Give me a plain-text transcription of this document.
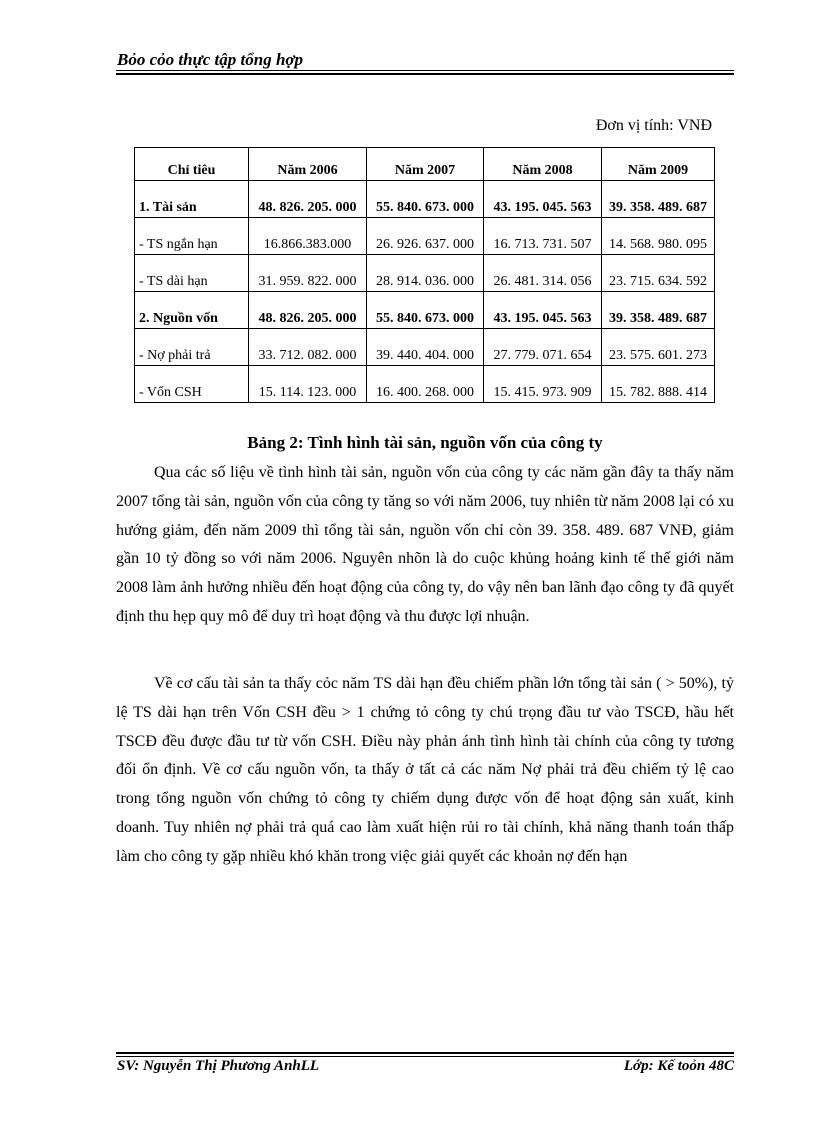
Bỏo cỏo thực tập tổng hợp
Đơn vị tính: VNĐ
Chỉ tiêu	Năm 2006	Năm 2007	Năm 2008	Năm 2009
1. Tài sản	48. 826. 205. 000	55. 840. 673. 000	43. 195. 045. 563	39. 358. 489. 687
- TS ngắn hạn	16.866.383.000	26. 926. 637. 000	16. 713. 731. 507	14. 568. 980. 095
- TS dài hạn	31. 959. 822. 000	28. 914. 036. 000	26. 481. 314. 056	23. 715. 634. 592
2. Nguồn vốn	48. 826. 205. 000	55. 840. 673. 000	43. 195. 045. 563	39. 358. 489. 687
- Nợ phải trả	33. 712. 082. 000	39. 440. 404. 000	27. 779. 071. 654	23. 575. 601. 273
- Vốn CSH	15. 114. 123. 000	16. 400. 268. 000	15. 415. 973. 909	15. 782. 888. 414
Bảng 2: Tình hình tài sản, nguồn vốn của công ty

Qua các số liệu về tình hình tài sản, nguồn vốn của công ty các năm gần đây ta thấy năm 2007 tổng tài sản, nguồn vốn của công ty tăng so với năm 2006, tuy nhiên từ năm 2008 lại có xu hướng giảm, đến năm 2009 thì tổng tài sản, nguồn vốn chỉ còn 39. 358. 489. 687 VNĐ, giảm gần 10 tỷ đồng so với năm 2006. Nguyên nhõn là do cuộc khủng hoảng kinh tế thế giới năm 2008 làm ảnh hưởng nhiều đến hoạt động của công ty, do vậy nên ban lãnh đạo công ty đã quyết định thu hẹp quy mô để duy trì hoạt động và thu được lợi nhuận.

Về cơ cấu tài sản ta thấy cỏc năm TS dài hạn đều chiếm phần lớn tổng tài sản ( > 50%), tỷ lệ TS dài hạn trên Vốn CSH đều > 1 chứng tỏ công ty chú trọng đầu tư vào TSCĐ, hầu hết TSCĐ đều được đầu tư từ vốn CSH. Điều này phản ánh tình hình tài chính của công ty tương đối ổn định. Về cơ cấu nguồn vốn, ta thấy ở tất cả các năm Nợ phải trả đều chiếm tỷ lệ cao trong tổng nguồn vốn chứng tỏ công ty chiếm dụng được vốn để hoạt động sản xuất, kinh doanh. Tuy nhiên nợ phải trả quá cao làm xuất hiện rủi ro tài chính, khả năng thanh toán thấp làm cho công ty gặp nhiều khó khăn trong việc giải quyết các khoản nợ đến hạn

SV: Nguyễn Thị Phương AnhLL	Lớp: Kế toỏn 48C
